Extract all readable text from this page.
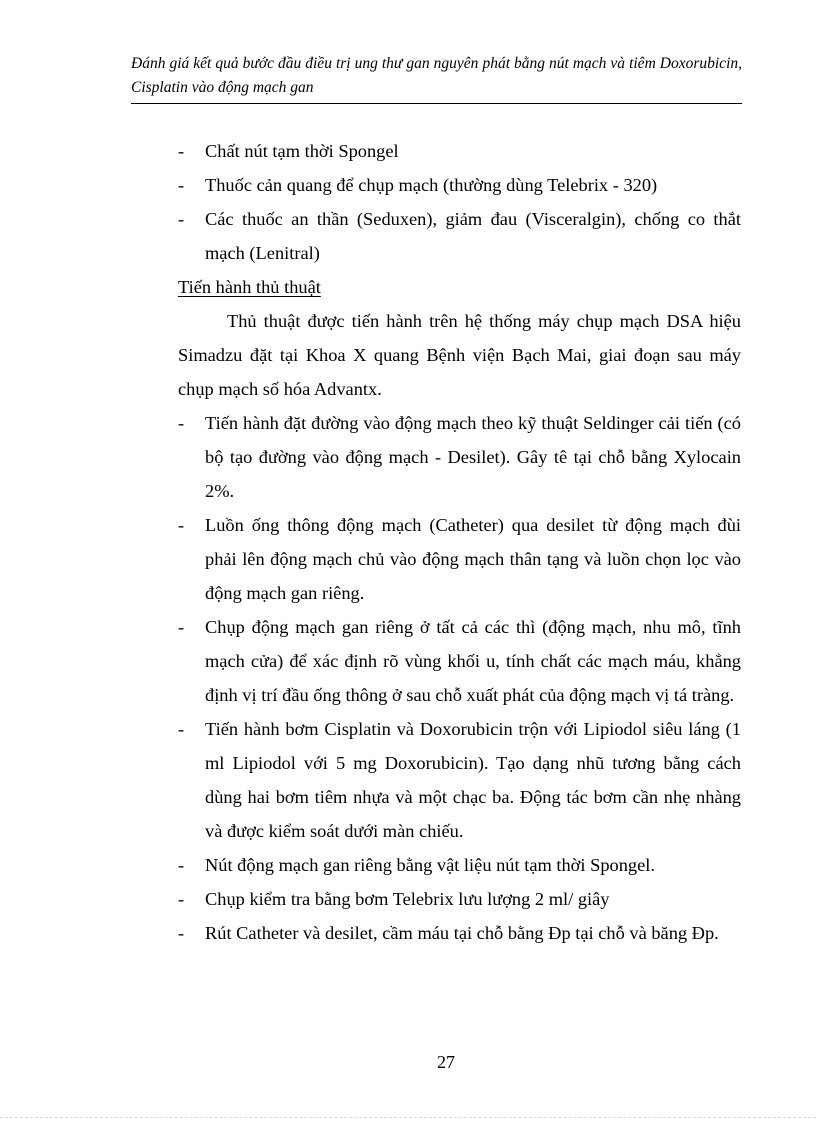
Đánh giá kết quả bước đầu điều trị ung thư gan nguyên phát bằng nút mạch và tiêm Doxorubicin, Cisplatin vào động mạch gan
- Chất nút tạm thời Spongel
- Thuốc cản quang để chụp mạch (thường dùng Telebrix - 320)
- Các thuốc an thần (Seduxen), giảm đau (Visceralgin), chống co thắt mạch (Lenitral)
Tiến hành thủ thuật
Thủ thuật được tiến hành trên hệ thống máy chụp mạch DSA hiệu Simadzu đặt tại Khoa X quang Bệnh viện Bạch Mai, giai đoạn sau máy chụp mạch số hóa Advantx.
- Tiến hành đặt đường vào động mạch theo kỹ thuật Seldinger cải tiến (có bộ tạo đường vào động mạch - Desilet). Gây tê tại chỗ bằng Xylocain 2%.
- Luồn ống thông động mạch (Catheter) qua desilet từ động mạch đùi phải lên động mạch chủ vào động mạch thân tạng và luồn chọn lọc vào động mạch gan riêng.
- Chụp động mạch gan riêng ở tất cả các thì (động mạch, nhu mô, tĩnh mạch cửa) để xác định rõ vùng khối u, tính chất các mạch máu, khẳng định vị trí đầu ống thông ở sau chỗ xuất phát của động mạch vị tá tràng.
- Tiến hành bơm Cisplatin và Doxorubicin trộn với Lipiodol siêu láng (1 ml Lipiodol với 5 mg Doxorubicin). Tạo dạng nhũ tương bằng cách dùng hai bơm tiêm nhựa và một chạc ba. Động tác bơm cần nhẹ nhàng và được kiểm soát dưới màn chiếu.
- Nút động mạch gan riêng bằng vật liệu nút tạm thời Spongel.
- Chụp kiểm tra bằng bơm Telebrix lưu lượng 2 ml/ giây
- Rút Catheter và desilet, cầm máu tại chỗ bằng Đp tại chỗ và băng Đp.
27
